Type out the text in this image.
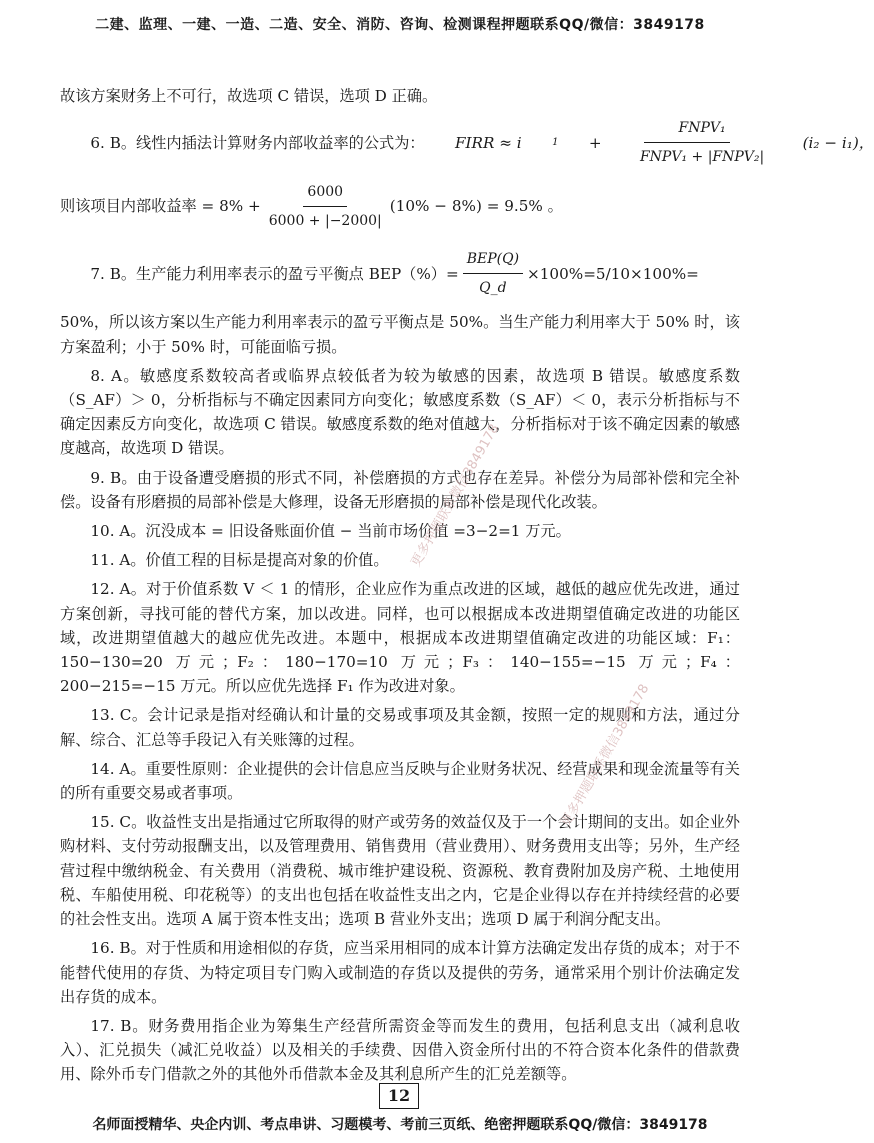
二建、监理、一建、一造、二造、安全、消防、咨询、检测课程押题联系QQ/微信：3849178

故该方案财务上不可行，故选项 C 错误，选项 D 正确。

6. B。线性内插法计算财务内部收益率的公式为：	FIRR ≈ i	1	+ $\frac{\text{FNPV₁}}{\text{FNPV₁ + |FNPV₂|}}$	(i₂ − i₁)，
则该项目内部收益率 = $8\% + \frac{6000}{6000 + |-2000|} (10\% - 8\%) = 9.5\%$ 。
7. B。生产能力利用率表示的盈亏平衡点 $BEP(\%)= \frac{\text{BEP(Q)}}{Q\_d} \times 100\%=5/10\times 100\%=$

50%，所以该方案以生产能力利用率表示的盈亏平衡点是 50%。当生产能力利用率大于 50% 时，该方案盈利；小于 50% 时，可能面临亏损。

8. A。敏感度系数较高者或临界点较低者为较为敏感的因素，故选项 B 错误。敏感度系数（S_AF）＞ 0，分析指标与不确定因素同方向变化；敏感度系数（S_AF）＜ 0，表示分析指标与不确定因素反方向变化，故选项 C 错误。敏感度系数的绝对值越大，分析指标对于该不确定因素的敏感度越高，故选项 D 错误。

9. B。由于设备遭受磨损的形式不同，补偿磨损的方式也存在差异。补偿分为局部补偿和完全补偿。设备有形磨损的局部补偿是大修理，设备无形磨损的局部补偿是现代化改装。

10. A。沉没成本 = 旧设备账面价值 − 当前市场价值 =3−2=1 万元。

11. A。价值工程的目标是提高对象的价值。

12. A。对于价值系数 V ＜ 1 的情形，企业应作为重点改进的区域，越低的越应优先改进，通过方案创新，寻找可能的替代方案，加以改进。同样，也可以根据成本改进期望值确定改进的功能区域，改进期望值越大的越应优先改进。本题中，根据成本改进期望值确定改进的功能区域：F₁：150−130=20 万元；F₂：180−170=10 万元；F₃：140−155=−15 万元；F₄：200−215=−15 万元。所以应优先选择 F₁ 作为改进对象。

13. C。会计记录是指对经确认和计量的交易或事项及其金额，按照一定的规则和方法，通过分解、综合、汇总等手段记入有关账簿的过程。

14. A。重要性原则：企业提供的会计信息应当反映与企业财务状况、经营成果和现金流量等有关的所有重要交易或者事项。

15. C。收益性支出是指通过它所取得的财产或劳务的效益仅及于一个会计期间的支出。如企业外购材料、支付劳动报酬支出，以及管理费用、销售费用（营业费用）、财务费用支出等；另外，生产经营过程中缴纳税金、有关费用（消费税、城市维护建设税、资源税、教育费附加及房产税、土地使用税、车船使用税、印花税等）的支出也包括在收益性支出之内，它是企业得以存在并持续经营的必要的社会性支出。选项 A 属于资本性支出；选项 B 营业外支出；选项 D 属于利润分配支出。

16. B。对于性质和用途相似的存货，应当采用相同的成本计算方法确定发出存货的成本；对于不能替代使用的存货、为特定项目专门购入或制造的存货以及提供的劳务，通常采用个别计价法确定发出存货的成本。

17. B。财务费用指企业为筹集生产经营所需资金等而发生的费用，包括利息支出（减利息收入）、汇兑损失（减汇兑收益）以及相关的手续费、因借入资金所付出的不符合资本化条件的借款费用、除外币专门借款之外的其他外币借款本金及其利息所产生的汇兑差额等。

更多押题联系微信3849178
更多押题联系微信3849178
12
名师面授精华、央企内训、考点串讲、习题模考、考前三页纸、绝密押题联系QQ/微信：3849178
